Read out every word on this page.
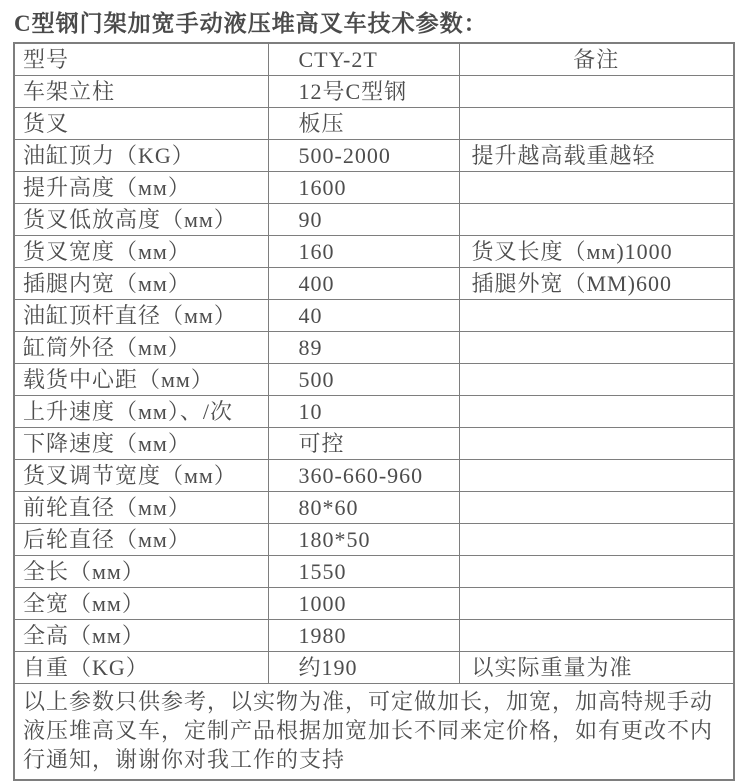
C型钢门架加宽手动液压堆高叉车技术参数：
型号	CTY-2T	备注
车架立柱	12号C型钢	
货叉	板压	
油缸顶力（KG）	500-2000	提升越高载重越轻
提升高度（мм）	1600	
货叉低放高度（мм）	90	
货叉宽度（мм）	160	货叉长度（мм)1000
插腿内宽（мм）	400	插腿外宽（MM)600
油缸顶杆直径（мм）	40	
缸筒外径（мм）	89	
载货中心距（мм）	500	
上升速度（мм）、/次	10	
下降速度（мм）	可控	
货叉调节宽度（мм）	360-660-960	
前轮直径（мм）	80*60	
后轮直径（мм）	180*50	
全长（мм）	1550	
全宽（мм）	1000	
全高（мм）	1980	
自重（KG）	约190	以实际重量为准
以上参数只供参考，以实物为准，可定做加长，加宽，加高特规手动液压堆高叉车，定制产品根据加宽加长不同来定价格，如有更改不内行通知，谢谢你对我工作的支持		
